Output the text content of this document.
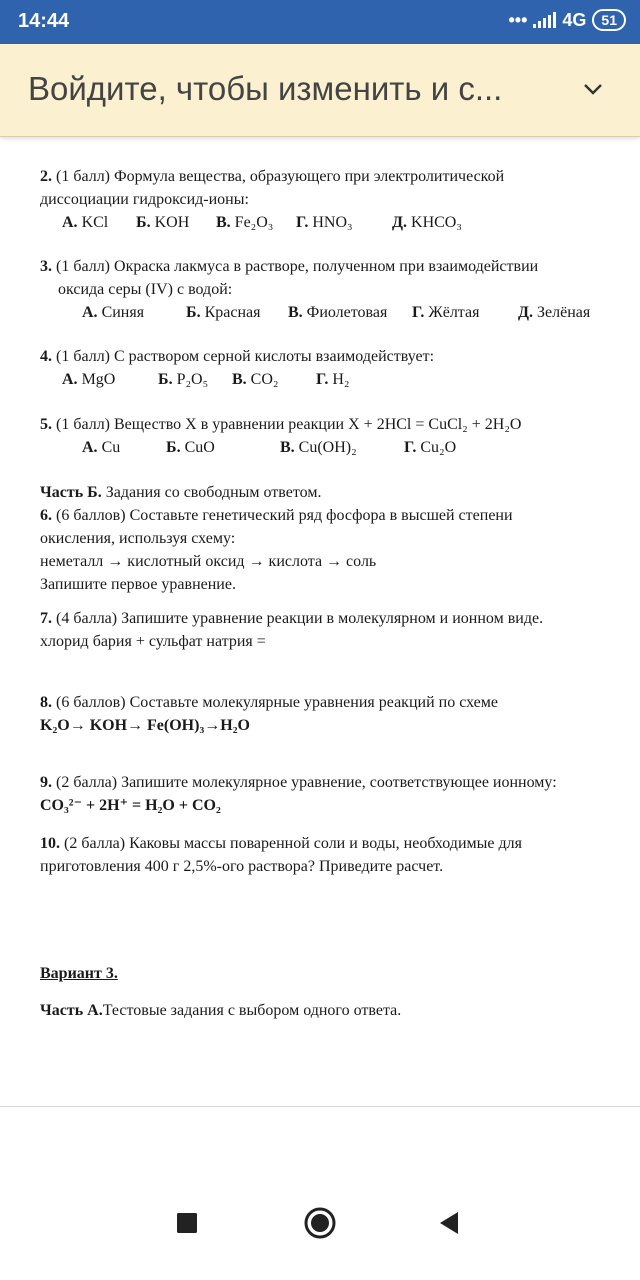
14:44	••• 4G	51
Войдите, чтобы изменить и с...

2. (1 балл) Формула вещества, образующего при электролитической

диссоциации гидроксид-ионы:

А. KCl Б. KOH В. Fe₂O₃ Г. HNO₃ Д. KHCO₃

3. (1 балл) Окраска лакмуса в растворе, полученном при взаимодействии

оксида серы (IV) с водой:

А. Синяя	Б. Красная В. Фиолетовая Г. Жёлтая Д. Зелёная

4. (1 балл) С раствором серной кислоты взаимодействует:

А. MgO	Б. P₂O₅ В. CO₂ Г. H₂

5. (1 балл) Вещество X в уравнении реакции X + 2HCl = CuCl₂ + 2H₂O

А. Cu	Б. CuO	В. Cu(OH)₂	Г. Cu₂O

Часть Б. Задания со свободным ответом.

6. (6 баллов) Составьте генетический ряд фосфора в высшей степени

окисления, используя схему:

неметалл → кислотный оксид → кислота → соль

Запишите первое уравнение.

7. (4 балла) Запишите уравнение реакции в молекулярном и ионном виде.

хлорид бария + сульфат натрия =

8. (6 баллов) Составьте молекулярные уравнения реакций по схеме

K₂O→ KOH→ Fe(OH)₃→H₂O

9. (2 балла) Запишите молекулярное уравнение, соответствующее ионному:

CO₃²⁻ + 2H⁺ = H₂O + CO₂

10. (2 балла) Каковы массы поваренной соли и воды, необходимые для

приготовления 400 г 2,5%-ого раствора? Приведите расчет.

Вариант 3.

Часть А.Тестовые задания с выбором одного ответа.
